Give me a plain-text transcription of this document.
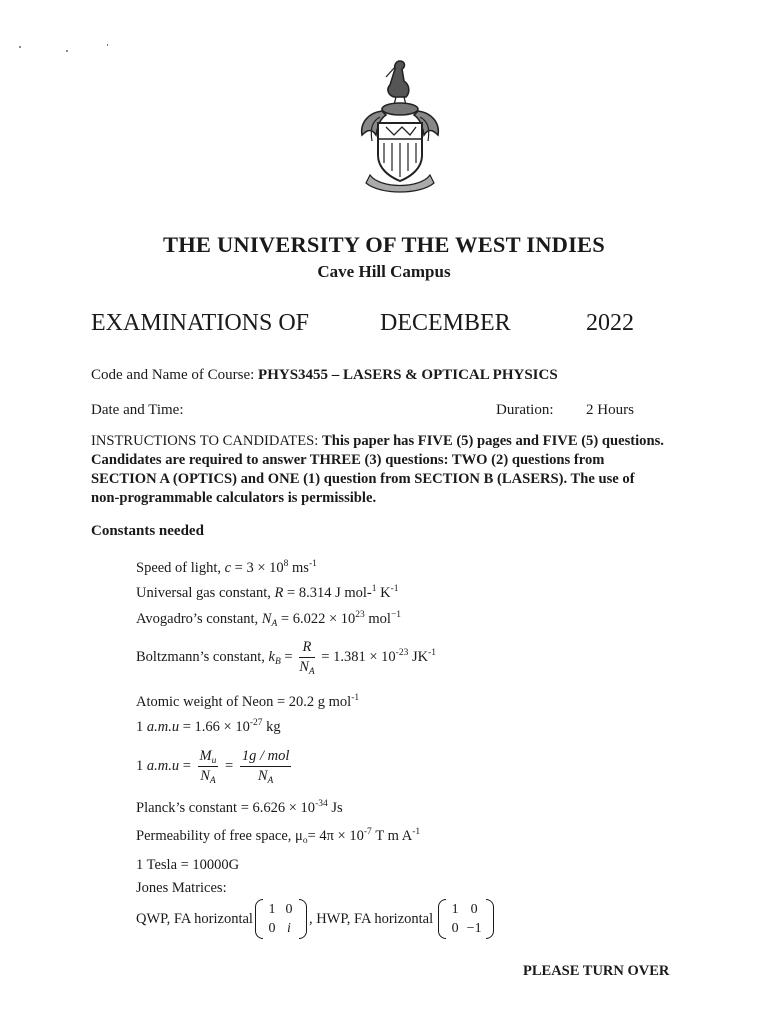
THE UNIVERSITY OF THE WEST INDIES
Cave Hill Campus
EXAMINATIONS OF	DECEMBER	2022
Code and Name of Course: PHYS3455 – LASERS & OPTICAL PHYSICS
Date and Time:	Duration: 2 Hours
INSTRUCTIONS TO CANDIDATES: This paper has FIVE (5) pages and FIVE (5) questions. Candidates are required to answer THREE (3) questions: TWO (2) questions from SECTION A (OPTICS) and ONE (1) question from SECTION B (LASERS). The use of non-programmable calculators is permissible.
Constants needed
Speed of light, $c = 3 \times 10^8$ $ms^{-1}$
Universal gas constant, R = 8.314 J mol-$^1$ $K^{-1}$
Avogadro’s constant, $N_A = 6.022 \times 10^{23}$ mol$^{-1}$
Boltzmann’s constant, $k_B = \frac{R}{N_A} = 1.381 \times 10^{-23}$ $JK^{-1}$
Atomic weight of Neon = 20.2 g mol$^{-1}$
1 $a.m.u = 1.66 \times 10^{-27}$ kg
1 $a.m.u = \frac{M_u}{N_A} = \frac{\text{1g / mol}}{N_A}$
Planck’s constant = $6.626 \times 10^{-34}$ Js
Permeability of free space, $\mu_o= 4\pi \times 10^{-7}$ T m $A^{-1}$
1 Tesla = 10000G
Jones Matrices:
QWP, FA horizontal
1 0
0 i
, HWP, FA horizontal
1 0
0 −1
PLEASE TURN OVER
